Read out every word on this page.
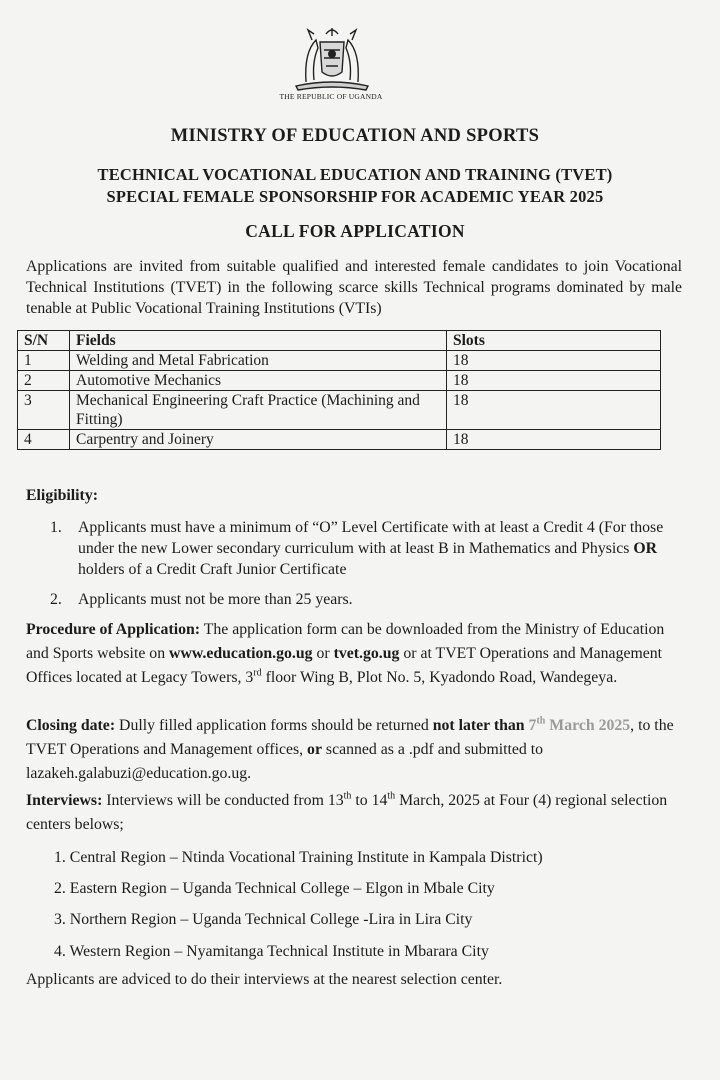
THE REPUBLIC OF UGANDA
MINISTRY OF EDUCATION AND SPORTS
TECHNICAL VOCATIONAL EDUCATION AND TRAINING (TVET)
SPECIAL FEMALE SPONSORSHIP FOR ACADEMIC YEAR 2025
CALL FOR APPLICATION
Applications are invited from suitable qualified and interested female candidates to join Vocational Technical Institutions (TVET) in the following scarce skills Technical programs dominated by male tenable at Public Vocational Training Institutions (VTIs)
S/N	Fields	Slots
1	Welding and Metal Fabrication	18
2	Automotive Mechanics	18
3	Mechanical Engineering Craft Practice (Machining and Fitting)	18
4	Carpentry and Joinery	18
Eligibility:
1. Applicants must have a minimum of “O” Level Certificate with at least a Credit 4 (For those under the new Lower secondary curriculum with at least B in Mathematics and Physics OR holders of a Credit Craft Junior Certificate
2. Applicants must not be more than 25 years.

Procedure of Application: The application form can be downloaded from the Ministry of Education and Sports website on www.education.go.ug or tvet.go.ug or at TVET Operations and Management Offices located at Legacy Towers, 3rd floor Wing B, Plot No. 5, Kyadondo Road, Wandegeya.

Closing date: Dully filled application forms should be returned not later than 7th March 2025, to the TVET Operations and Management offices, or scanned as a .pdf and submitted to lazakeh.galabuzi@education.go.ug.

Interviews: Interviews will be conducted from 13th to 14th March, 2025 at Four (4) regional selection centers belows;

1. Central Region – Ntinda Vocational Training Institute in Kampala District)
2. Eastern Region – Uganda Technical College – Elgon in Mbale City
3. Northern Region – Uganda Technical College -Lira in Lira City
4. Western Region – Nyamitanga Technical Institute in Mbarara City
Applicants are adviced to do their interviews at the nearest selection center.
